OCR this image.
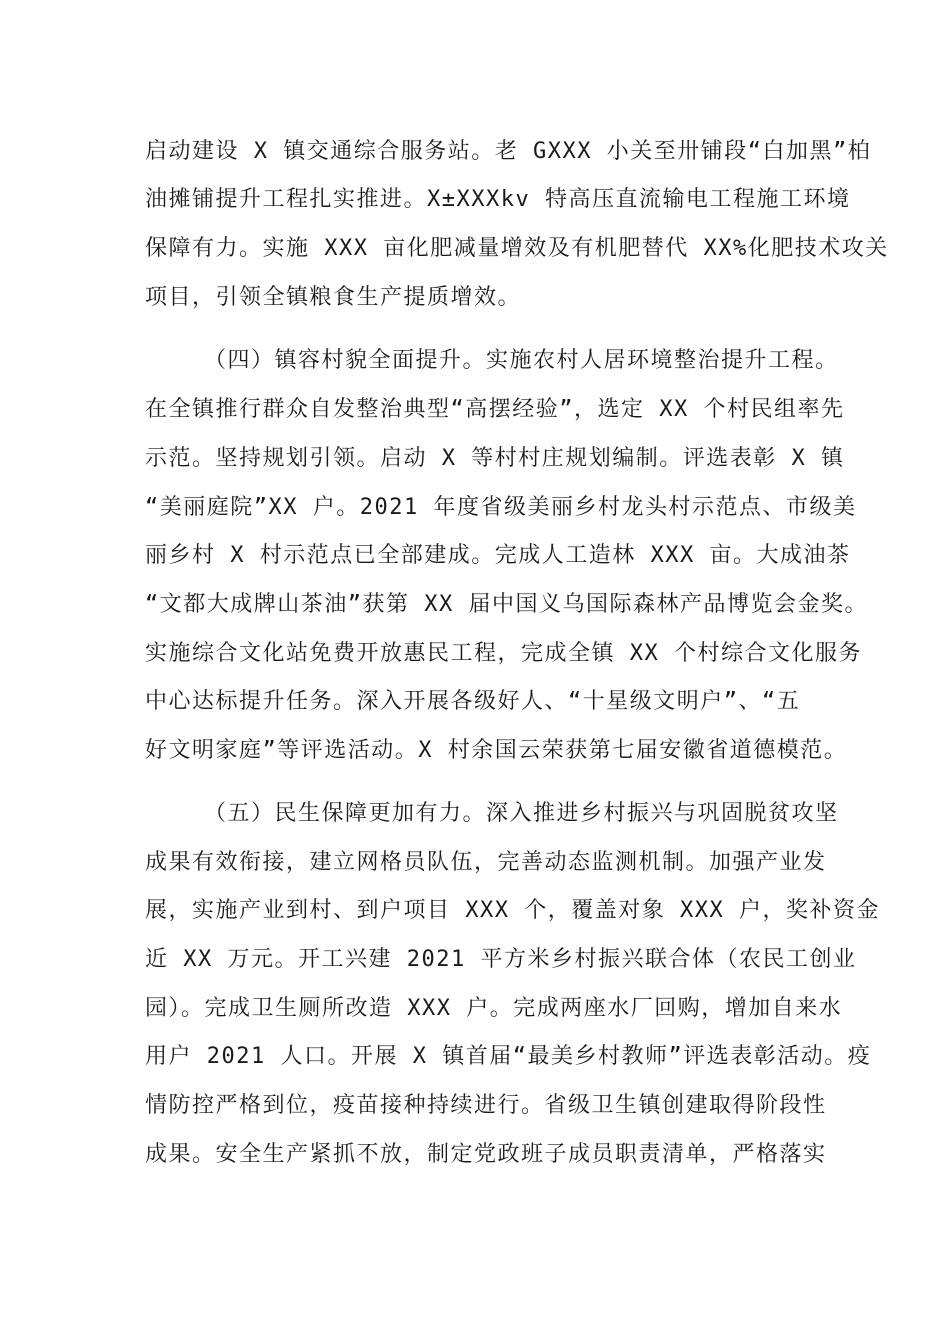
启动建设 X 镇交通综合服务站。老 GXXX 小关至卅铺段“白加黑”柏
油摊铺提升工程扎实推进。X±XXXkv 特高压直流输电工程施工环境
保障有力。实施 XXX 亩化肥减量增效及有机肥替代 XX%化肥技术攻关
项目，引领全镇粮食生产提质增效。
（四）镇容村貌全面提升。实施农村人居环境整治提升工程。
在全镇推行群众自发整治典型“高摆经验”，选定 XX 个村民组率先
示范。坚持规划引领。启动 X 等村村庄规划编制。评选表彰 X 镇
“美丽庭院”XX 户。2021 年度省级美丽乡村龙头村示范点、市级美
丽乡村 X 村示范点已全部建成。完成人工造林 XXX 亩。大成油茶
“文都大成牌山茶油”获第 XX 届中国义乌国际森林产品博览会金奖。
实施综合文化站免费开放惠民工程，完成全镇 XX 个村综合文化服务
中心达标提升任务。深入开展各级好人、“十星级文明户”、“五
好文明家庭”等评选活动。X 村余国云荣获第七届安徽省道德模范。
（五）民生保障更加有力。深入推进乡村振兴与巩固脱贫攻坚
成果有效衔接，建立网格员队伍，完善动态监测机制。加强产业发
展，实施产业到村、到户项目 XXX 个，覆盖对象 XXX 户，奖补资金
近 XX 万元。开工兴建 2021 平方米乡村振兴联合体（农民工创业
园）。完成卫生厕所改造 XXX 户。完成两座水厂回购，增加自来水
用户 2021 人口。开展 X 镇首届“最美乡村教师”评选表彰活动。疫
情防控严格到位，疫苗接种持续进行。省级卫生镇创建取得阶段性
成果。安全生产紧抓不放，制定党政班子成员职责清单，严格落实
